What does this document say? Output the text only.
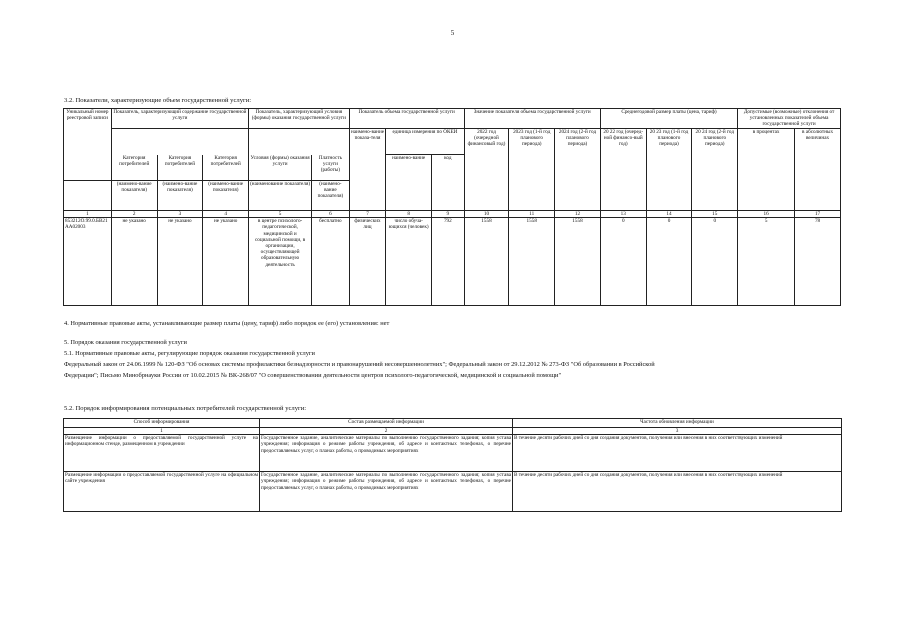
5
3.2. Показатели, характеризующие объем государственной услуги:
Уникальный номер реестровой записи	Показатель, характеризующий содержание государственной услуги			Показатель, характеризующий условия (формы) оказания государственной услуги		Показатель объема государственной услуги			Значение показателя объема государственной услуги			Среднегодовой размер платы (цена, тариф)			Допустимые (возможные) отклонения от установленных показателей объема государственной услуги	
						наимено-вание показа-теля	единица измерения по ОКЕИ		2022 год (очередной финансовый год)	2023 год (1-й год планового периода)	2024 год (2-й год планового периода)	20 22 год (очеред-ной финансо-вый год)	20 23 год (1-й год планового периода)	20 24 год (2-й год планового периода)	в процентах	в абсолютных величинах
	Категория потребителей	Категория потребителей	Категория потребителей	Условия (формы) оказания услуги	Платность услуги (работы)		наимено-вание	код								
	(наимено-вание показателя)	(наимено-вание показателя)	(наимено-вание показателя)	(наименование показателя)	(наимено-вание показателя)											
1	2	3	4	5	6	7	8	9	10	11	12	13	14	15	16	17
853212O.99.0.БВ21АА02003	не указано	не указано	не указано	в центре психолого-педагогической, медицинской и социальной помощи, в организации, осуществляющей образовательную деятельность	бесплатно	физических лиц	число обуча-ющихся (человек)	792	1558	1558	1558	0	0	0	5	78
4. Нормативные правовые акты, устанавливающие размер платы (цену, тариф) либо порядок ее (его) установления: нет
5. Порядок оказания государственной услуги
5.1. Нормативные правовые акты, регулирующие порядок оказания государственной услуги
Федеральный закон от 24.06.1999 № 120-ФЗ "Об основах системы профилактики безнадзорности и правонарушений несовершеннолетних"; Федеральный закон от 29.12.2012 № 273-ФЗ "Об образовании в Российской
Федерации"; Письмо Минобрнауки России от 10.02.2015 № ВК-268/07 "О совершенствовании деятельности центров психолого-педагогической, медицинской и социальной помощи"
5.2. Порядок информирования потенциальных потребителей государственной услуги:
Способ информирования	Состав размещаемой информации	Частота обновления информации
1	2	3
Размещение информации о предоставляемой государственной услуге на информационном стенде, размещенном в учреждении	Государственное задание, аналитические материалы по выполнению государственного задания; копия устава учреждения; информация о режиме работы учреждения, об адресе и контактных телефонах, о перечне предоставляемых услуг, о планах работы, о проводимых мероприятиях	В течение десяти рабочих дней со дня создания документов, получения или внесения в них соответствующих изменений
Размещение информации о предоставляемой государственной услуге на официальном сайте учреждения	Государственное задание, аналитические материалы по выполнению государственного задания; копия устава учреждения; информация о режиме работы учреждения, об адресе и контактных телефонах, о перечне предоставляемых услуг, о планах работы, о проводимых мероприятиях	В течение десяти рабочих дней со дня создания документов, получения или внесения в них соответствующих изменений
